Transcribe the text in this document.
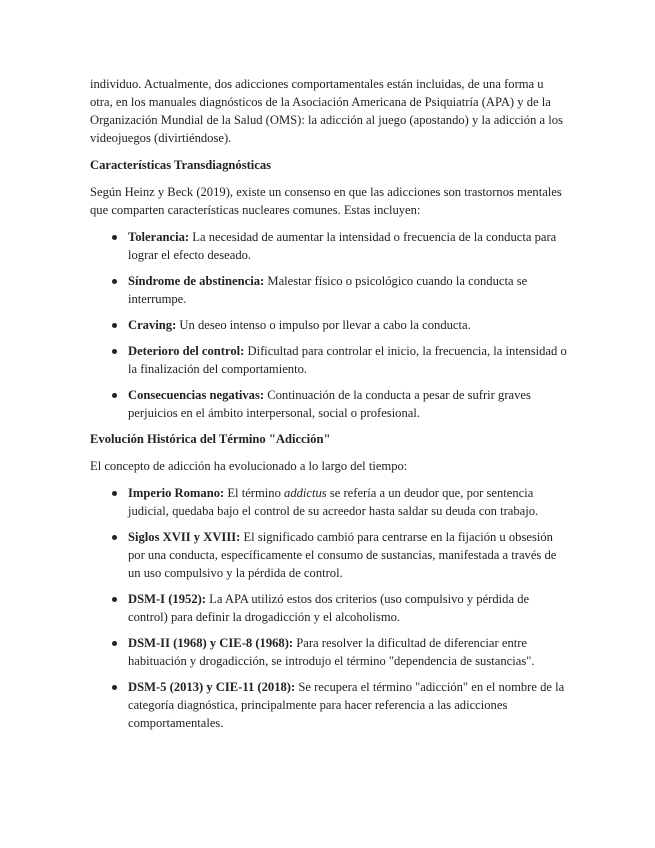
individuo. Actualmente, dos adicciones comportamentales están incluidas, de una forma u otra, en los manuales diagnósticos de la Asociación Americana de Psiquiatría (APA) y de la Organización Mundial de la Salud (OMS): la adicción al juego (apostando) y la adicción a los videojuegos (divirtiéndose).

Características Transdiagnósticas

Según Heinz y Beck (2019), existe un consenso en que las adicciones son trastornos mentales que comparten características nucleares comunes. Estas incluyen:

Tolerancia: La necesidad de aumentar la intensidad o frecuencia de la conducta para lograr el efecto deseado.
Síndrome de abstinencia: Malestar físico o psicológico cuando la conducta se interrumpe.
Craving: Un deseo intenso o impulso por llevar a cabo la conducta.
Deterioro del control: Dificultad para controlar el inicio, la frecuencia, la intensidad o la finalización del comportamiento.
Consecuencias negativas: Continuación de la conducta a pesar de sufrir graves perjuicios en el ámbito interpersonal, social o profesional.
Evolución Histórica del Término "Adicción"

El concepto de adicción ha evolucionado a lo largo del tiempo:

Imperio Romano: El término addictus se refería a un deudor que, por sentencia judicial, quedaba bajo el control de su acreedor hasta saldar su deuda con trabajo.
Siglos XVII y XVIII: El significado cambió para centrarse en la fijación u obsesión por una conducta, específicamente el consumo de sustancias, manifestada a través de un uso compulsivo y la pérdida de control.
DSM-I (1952): La APA utilizó estos dos criterios (uso compulsivo y pérdida de control) para definir la drogadicción y el alcoholismo.
DSM-II (1968) y CIE-8 (1968): Para resolver la dificultad de diferenciar entre habituación y drogadicción, se introdujo el término "dependencia de sustancias".
DSM-5 (2013) y CIE-11 (2018): Se recupera el término "adicción" en el nombre de la categoría diagnóstica, principalmente para hacer referencia a las adicciones comportamentales.
